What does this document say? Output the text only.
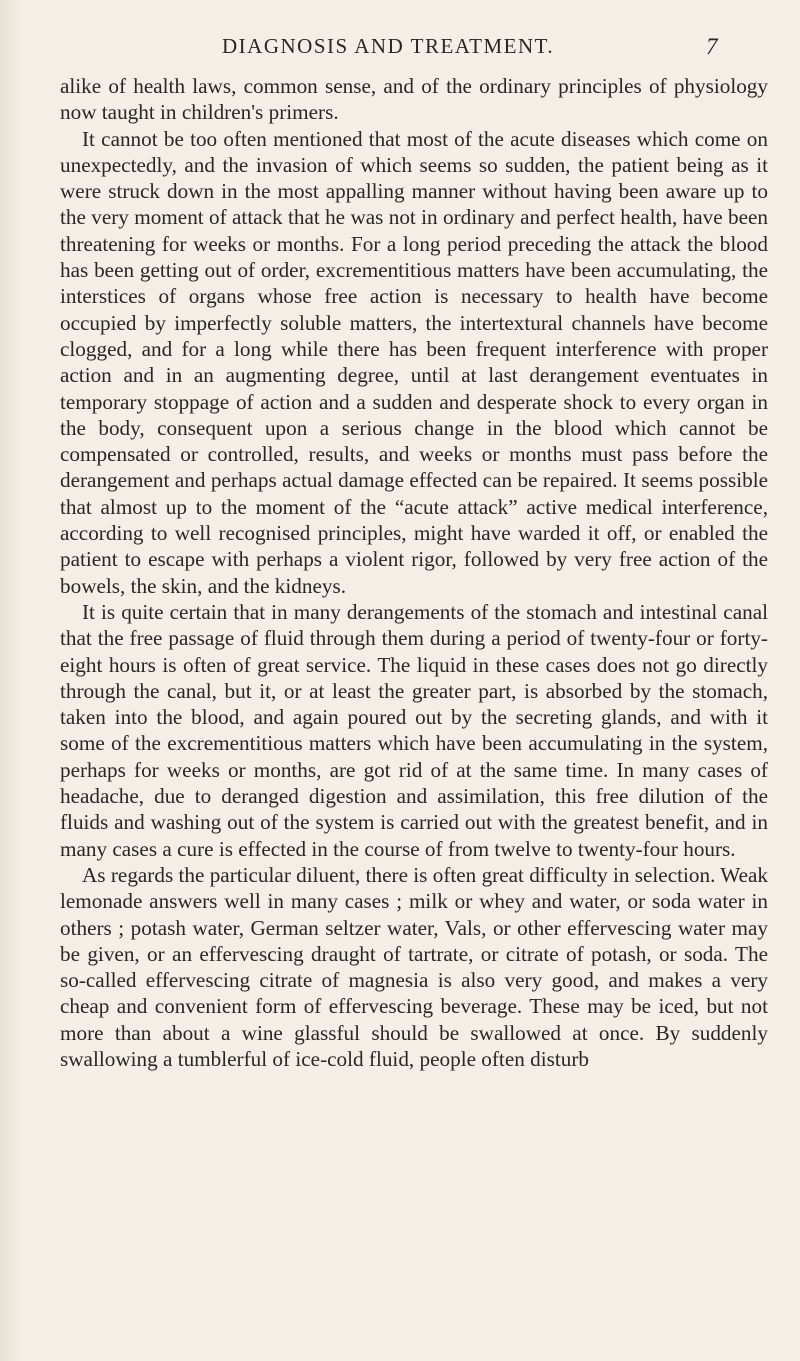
DIAGNOSIS AND TREATMENT.	7

alike of health laws, common sense, and of the ordinary principles of physiology now taught in children's primers.

It cannot be too often mentioned that most of the acute diseases which come on unexpectedly, and the invasion of which seems so sudden, the patient being as it were struck down in the most appalling manner without having been aware up to the very moment of attack that he was not in ordinary and perfect health, have been threatening for weeks or months. For a long period preceding the attack the blood has been getting out of order, excrementitious matters have been accumulating, the interstices of organs whose free action is necessary to health have become occupied by imperfectly soluble matters, the intertextural channels have become clogged, and for a long while there has been frequent interference with proper action and in an augmenting degree, until at last derangement eventuates in temporary stoppage of action and a sudden and desperate shock to every organ in the body, consequent upon a serious change in the blood which cannot be compensated or controlled, results, and weeks or months must pass before the derangement and perhaps actual damage effected can be repaired. It seems possible that almost up to the moment of the “acute attack” active medical interference, according to well recognised principles, might have warded it off, or enabled the patient to escape with perhaps a violent rigor, followed by very free action of the bowels, the skin, and the kidneys.

It is quite certain that in many derangements of the stomach and intestinal canal that the free passage of fluid through them during a period of twenty-four or forty-eight hours is often of great service. The liquid in these cases does not go directly through the canal, but it, or at least the greater part, is absorbed by the stomach, taken into the blood, and again poured out by the secreting glands, and with it some of the excrementitious matters which have been accumulating in the system, perhaps for weeks or months, are got rid of at the same time. In many cases of headache, due to deranged digestion and assimilation, this free dilution of the fluids and washing out of the system is carried out with the greatest benefit, and in many cases a cure is effected in the course of from twelve to twenty-four hours.

As regards the particular diluent, there is often great difficulty in selection. Weak lemonade answers well in many cases ; milk or whey and water, or soda water in others ; potash water, German seltzer water, Vals, or other effervescing water may be given, or an effervescing draught of tartrate, or citrate of potash, or soda. The so-called effervescing citrate of magnesia is also very good, and makes a very cheap and convenient form of effervescing beverage. These may be iced, but not more than about a wine glassful should be swallowed at once. By suddenly swallowing a tumblerful of ice-cold fluid, people often disturb
